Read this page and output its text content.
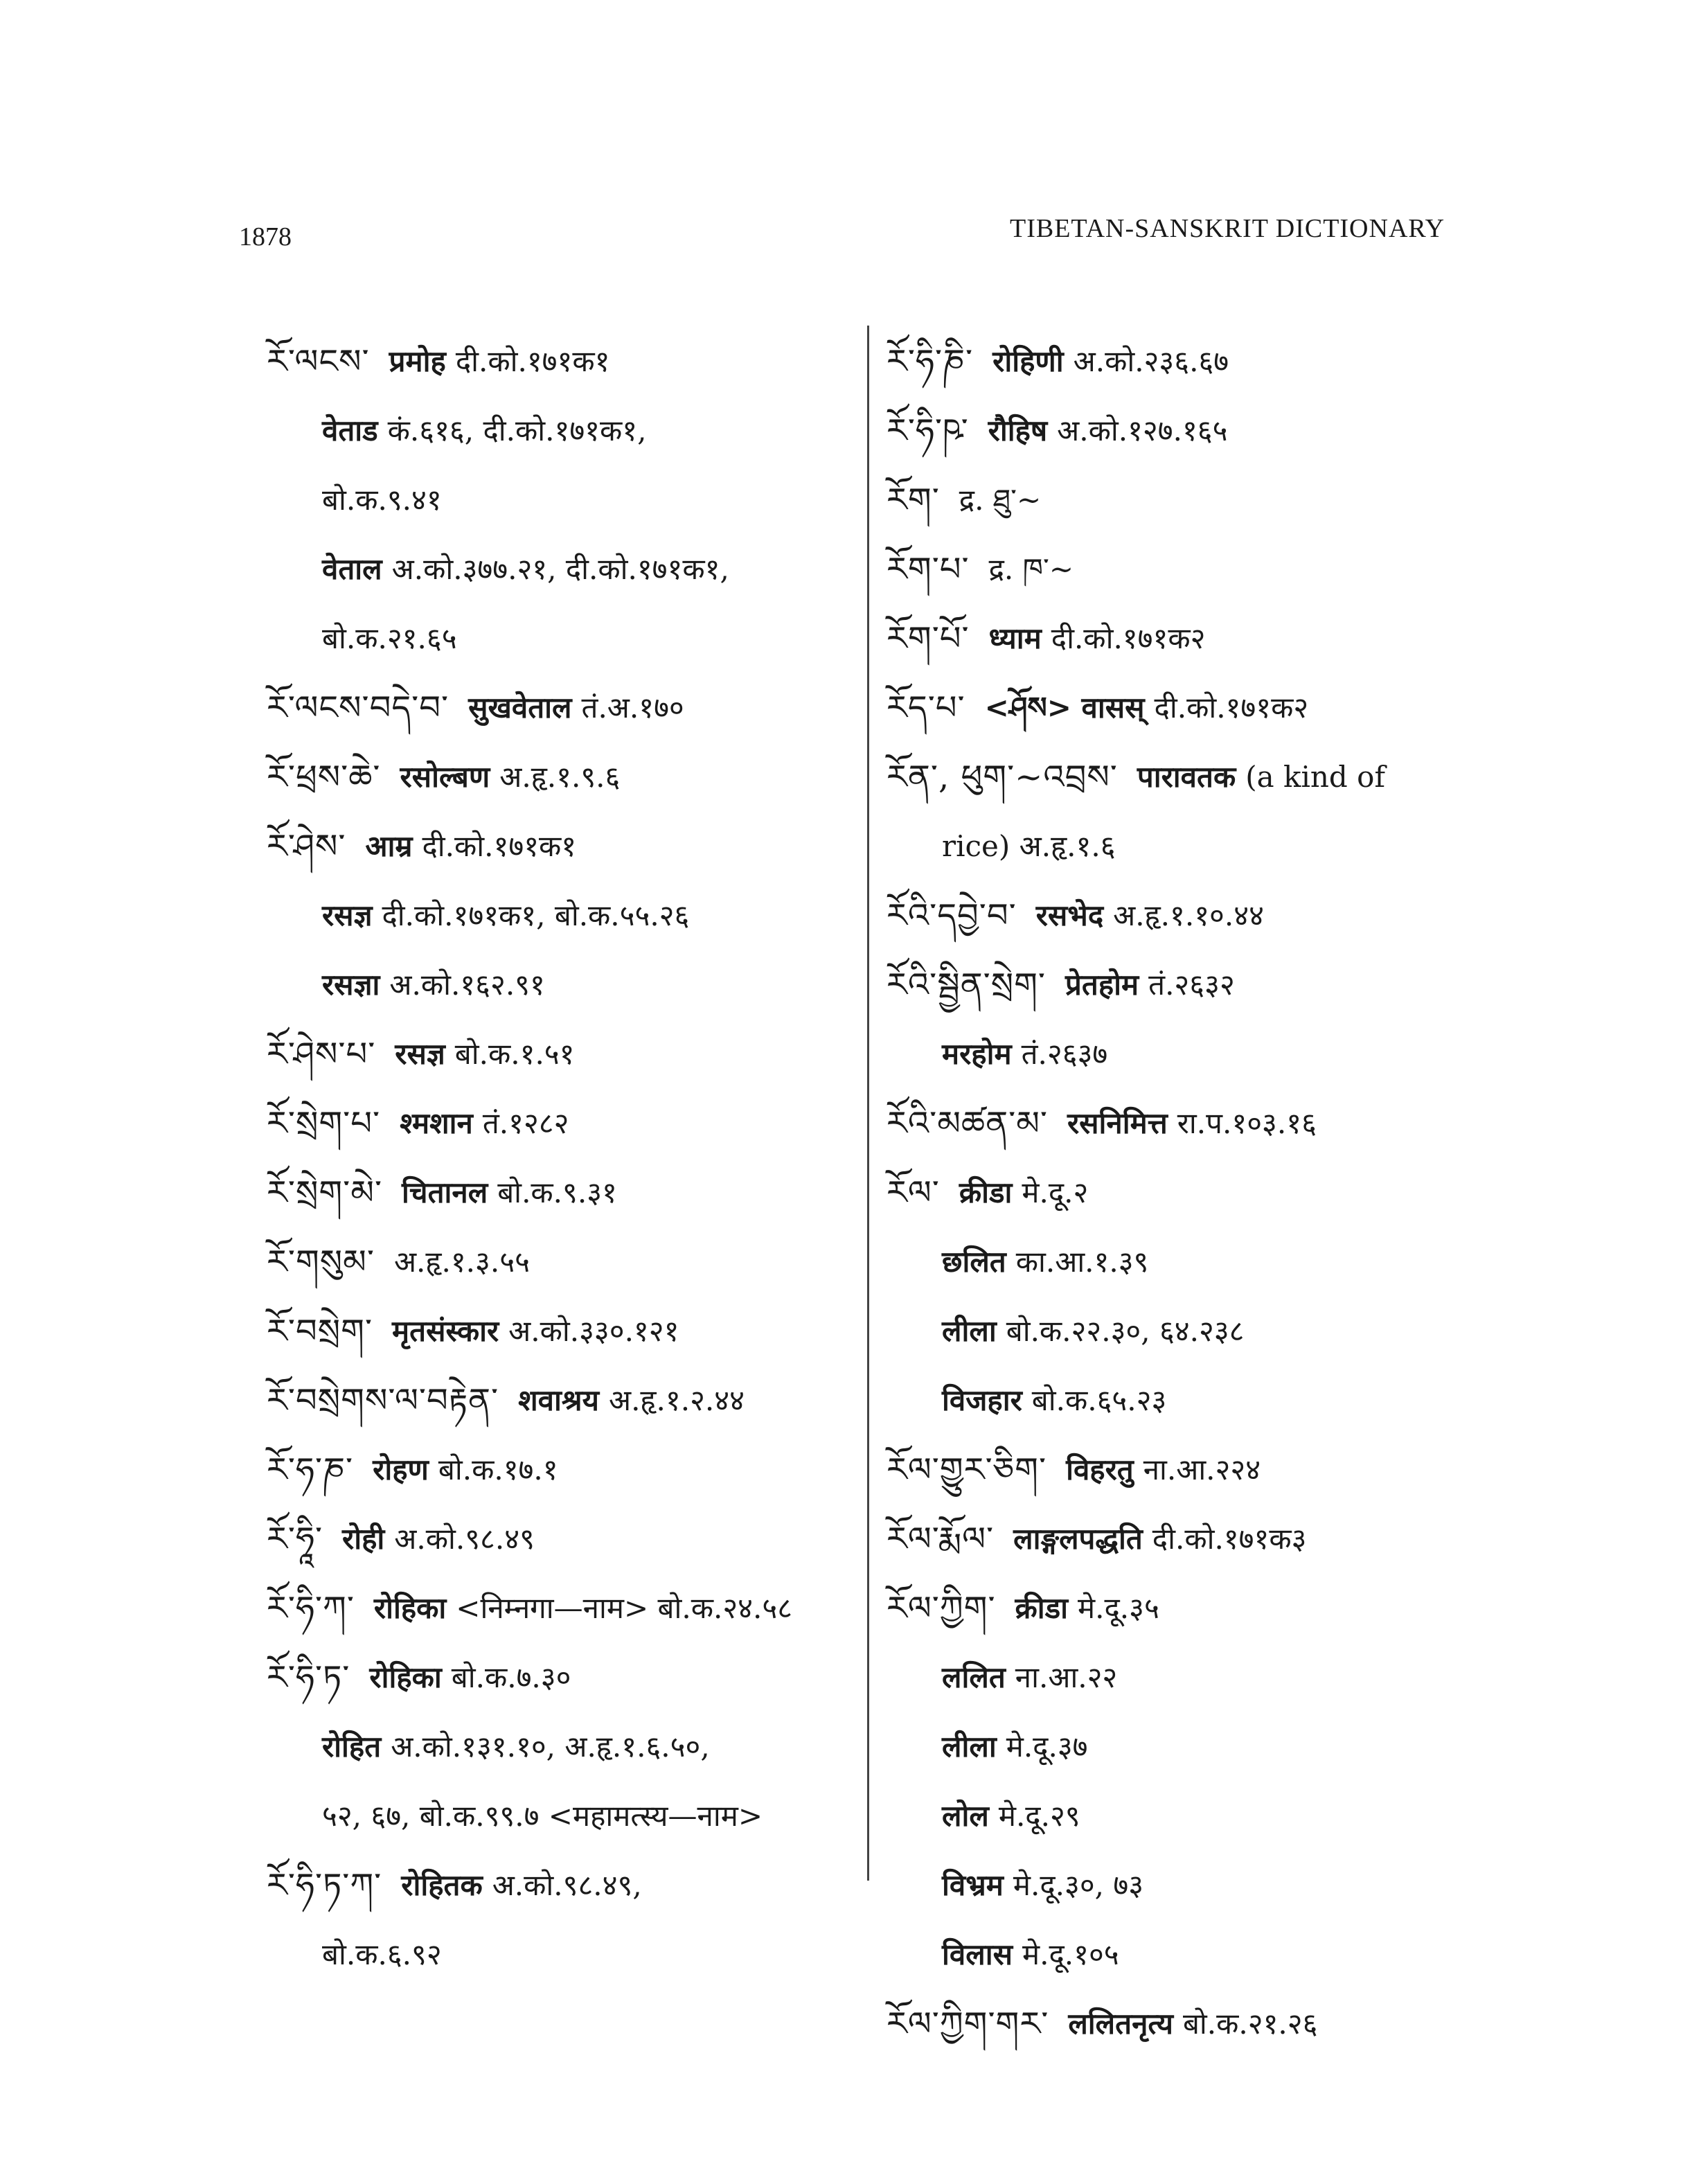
1878	TIBETAN-SANSKRIT DICTIONARY
རོ་ལངས་ प्रमोह दी.को.१७१क१
वेताड कं.६१६, दी.को.१७१क१,
बो.क.९.४१
वेताल अ.को.३७७.२१, दी.को.१७१क१,
बो.क.२१.६५
རོ་ལངས་བདེ་བ་ सुखवेताल तं.अ.१७०
རོ་ཕྲས་ཆེ་ रसोल्बण अ.हृ.१.९.६
རོ་ཤེས་ आम्र दी.को.१७१क१
रसज्ञ दी.को.१७१क१, बो.क.५५.२६
रसज्ञा अ.को.१६२.९१
རོ་ཤེས་པ་ रसज्ञ बो.क.१.५१
རོ་སྲེག་པ་ श्मशान तं.१२८२
རོ་སྲེག་མེ་ चितानल बो.क.९.३१
རོ་གསུམ་ अ.हृ.१.३.५५
རོ་བསྲེག་ मृतसंस्कार अ.को.३३०.१२१
རོ་བསྲེགས་ལ་བརྟེན་ शवाश्रय अ.हृ.१.२.४४
རོ་ཧ་ཎ་ रोहण बो.क.१७.१
རོ་ཧཱི་ रोही अ.को.९८.४९
རོ་ཧི་ཀ་ रोहिका <निम्नगा—नाम> बो.क.२४.५८
རོ་ཧི་ཏ་ रोहिका बो.क.७.३०
रोहित अ.को.१३१.१०, अ.हृ.१.६.५०,
५२, ६७, बो.क.९९.७ <महामत्स्य—नाम>
རོ་ཧི་ཏ་ཀ་ रोहितक अ.को.९८.४९,
बो.क.६.९२
རོ་ཧི་ཎི་ रोहिणी अ.को.२३६.६७
རོ་ཧི་ཥ་ रौहिष अ.को.१२७.१६५
རོག་ द्र. ཐུ་~
རོག་པ་ द्र. ཁ་~
རོག་པོ་ ध्याम दी.को.१७१क२
རོད་པ་ <ཤོས> वासस् दी.को.१७१क२
རོན་, ཕུག་~འབྲས་ पारावतक (a kind of
rice) अ.हृ.१.६
རོའི་དབྱེ་བ་ रसभेद अ.हृ.१.१०.४४
རོའི་སྦྱིན་སྲེག་ प्रेतहोम तं.२६३२
मरहोम तं.२६३७
རོའི་མཚན་མ་ रसनिमित्त रा.प.१०३.१६
རོལ་ क्रीडा मे.दू.२
छलित का.आ.१.३९
लीला बो.क.२२.३०, ६४.२३८
विजहार बो.क.६५.२३
རོལ་གྱུར་ཅིག་ विहरतु ना.आ.२२४
རོལ་རྨོལ་ लाङ्गलपद्धति दी.को.१७१क३
རོལ་ཀྱིག་ क्रीडा मे.दू.३५
ललित ना.आ.२२
लीला मे.दू.३७
लोल मे.दू.२९
विभ्रम मे.दू.३०, ७३
विलास मे.दू.१०५
རོལ་ཀྱིག་གར་ ललितनृत्य बो.क.२१.२६
